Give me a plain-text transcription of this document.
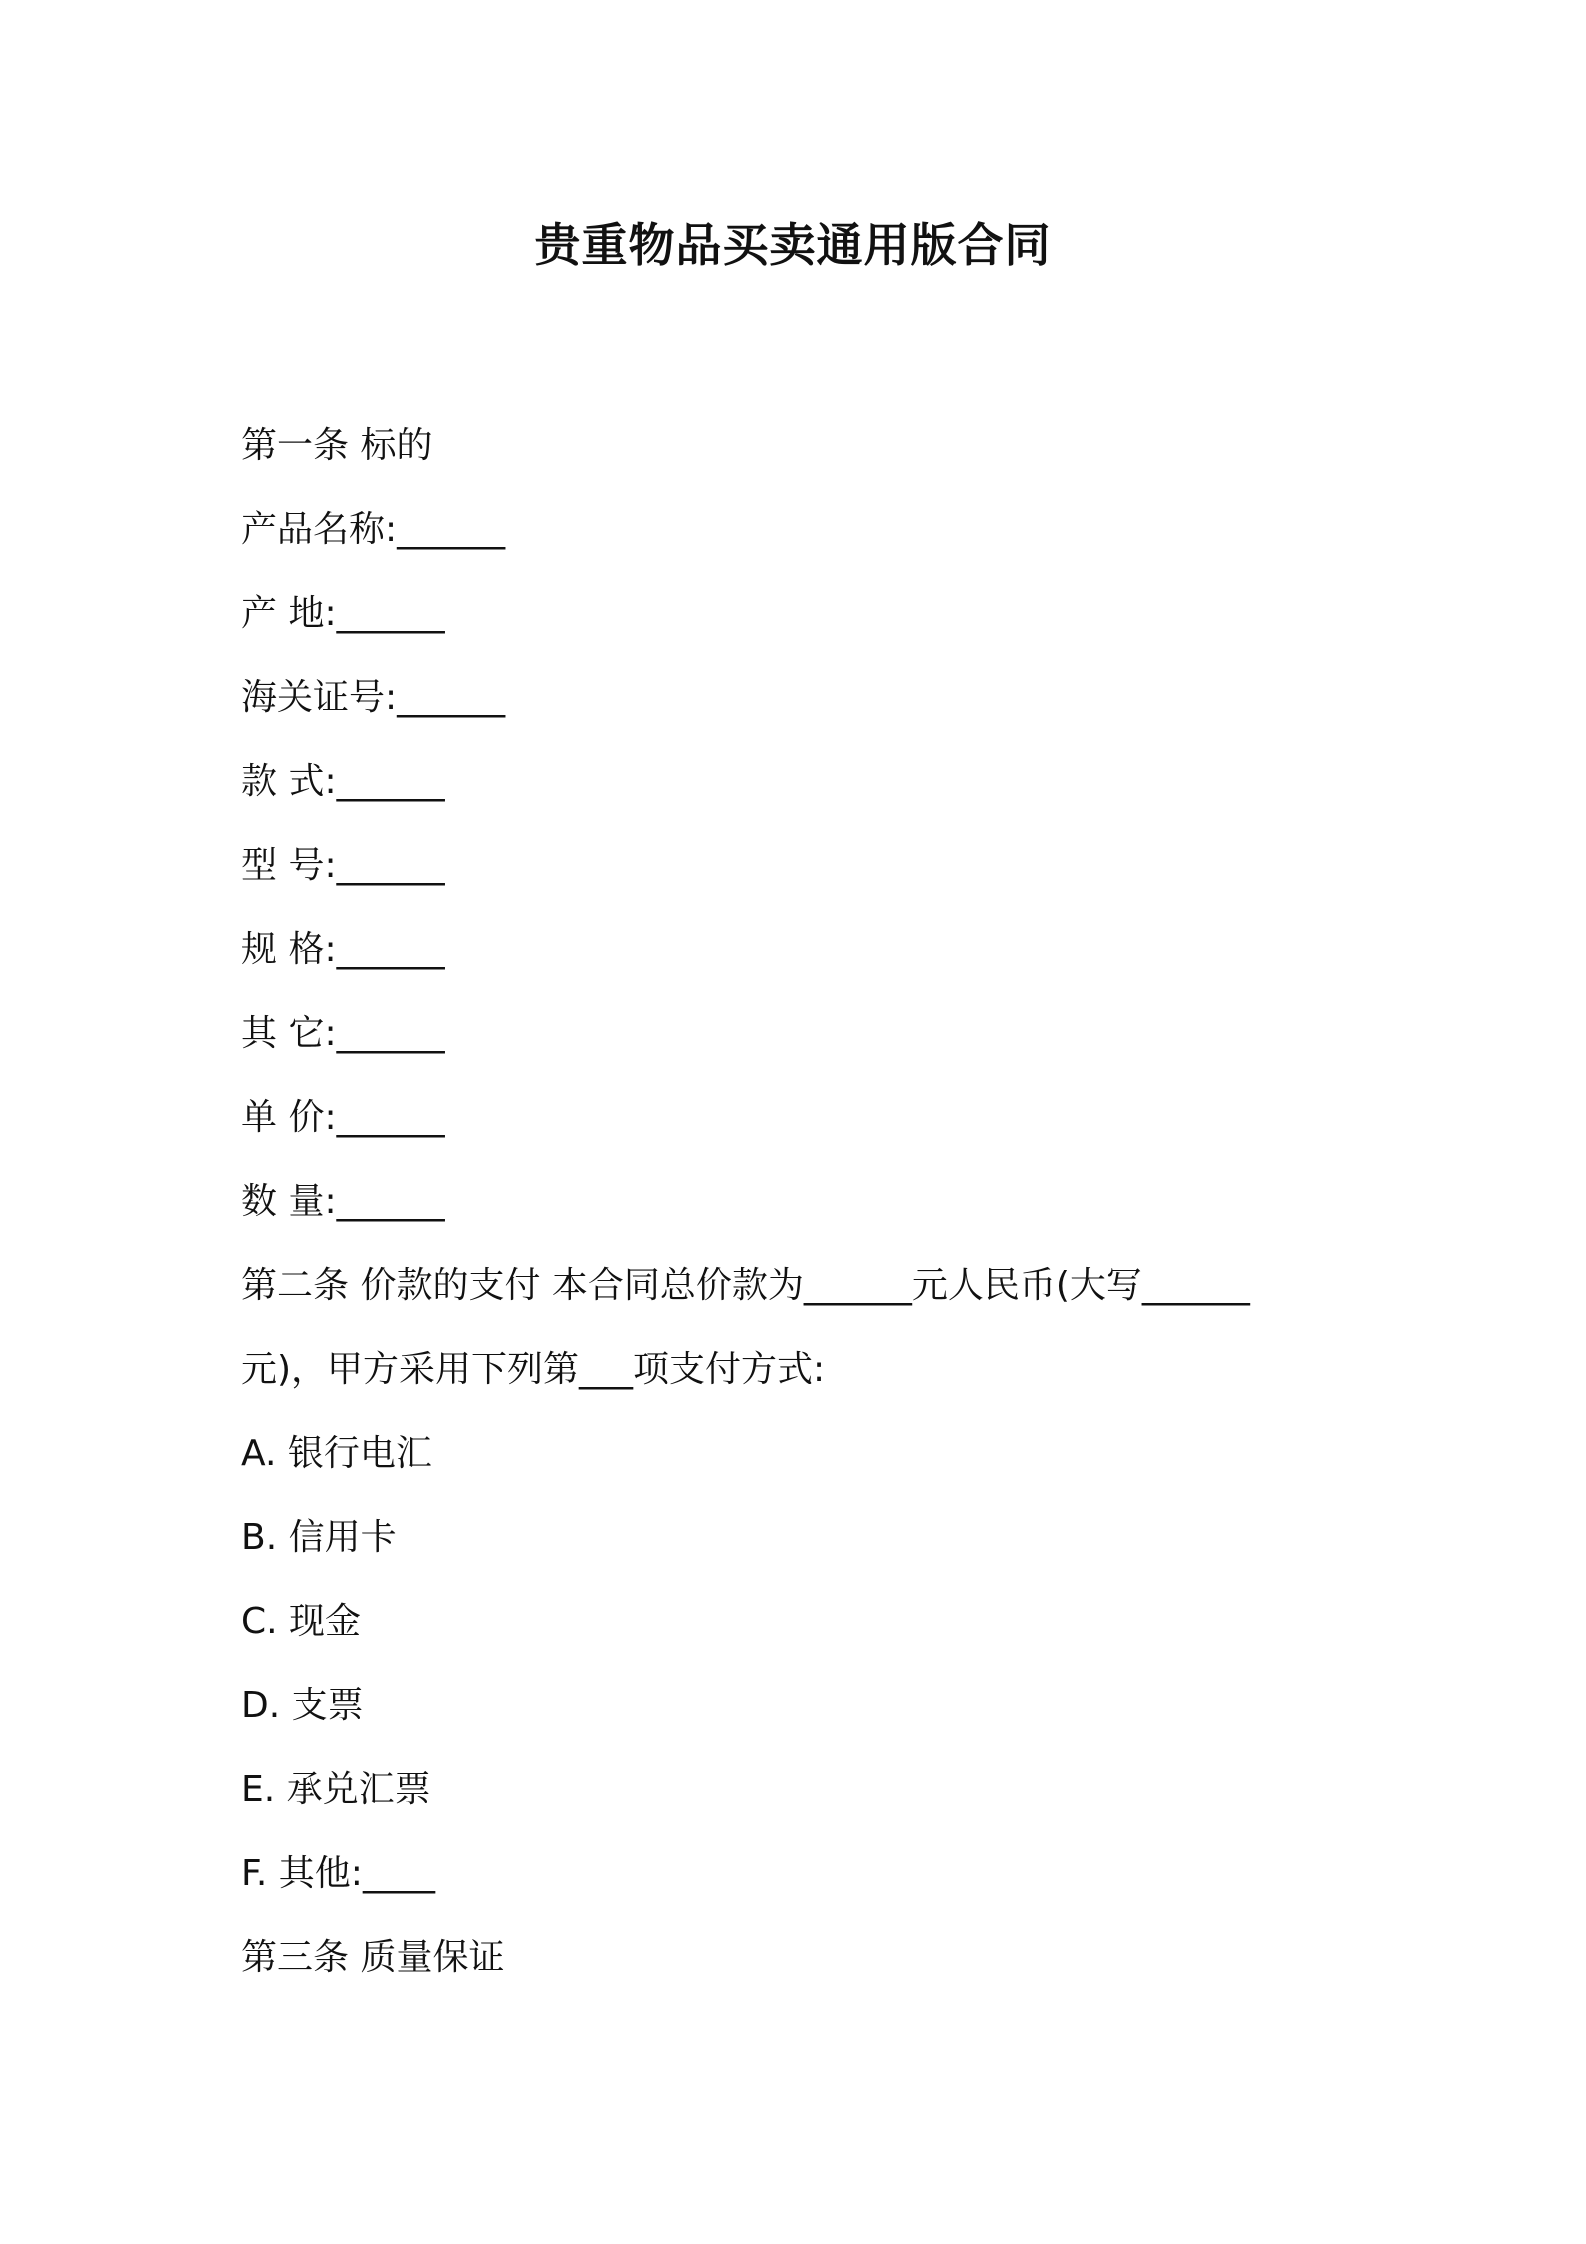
贵重物品买卖通用版合同
第一条 标的
产品名称:______
产 地:______
海关证号:______
款 式:______
型 号:______
规 格:______
其 它:______
单 价:______
数 量:______
第二条 价款的支付 本合同总价款为______元人民币(大写______
元)，甲方采用下列第___项支付方式:
A. 银行电汇
B. 信用卡
C. 现金
D. 支票
E. 承兑汇票
F. 其他:____
第三条 质量保证
